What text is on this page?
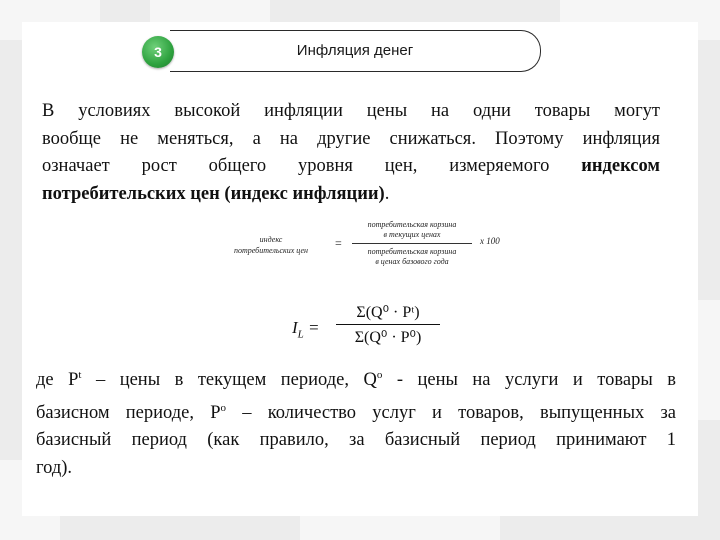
Инфляция денег
3
В условиях высокой инфляции цены на одни товары могут
вообще не меняться, а на другие снижаться. Поэтому инфляция
означает рост общего уровня цен, измеряемого индексом
потребительских цен (индекс инфляции).
индекс
потребительских цен
=
потребительская корзина
в текущих ценах
потребительская корзина
в ценах базового года
х 100
$I_L$ =
Σ(Q⁰ · Pᵗ)
Σ(Q⁰ · P⁰)
де $P^t$ – цены в текущем периоде, $Q^o$ - цены на услуги и товары в
базисном периоде, $P^o$ – количество услуг и товаров, выпущенных за
базисный период (как правило, за базисный период принимают 1
год).
